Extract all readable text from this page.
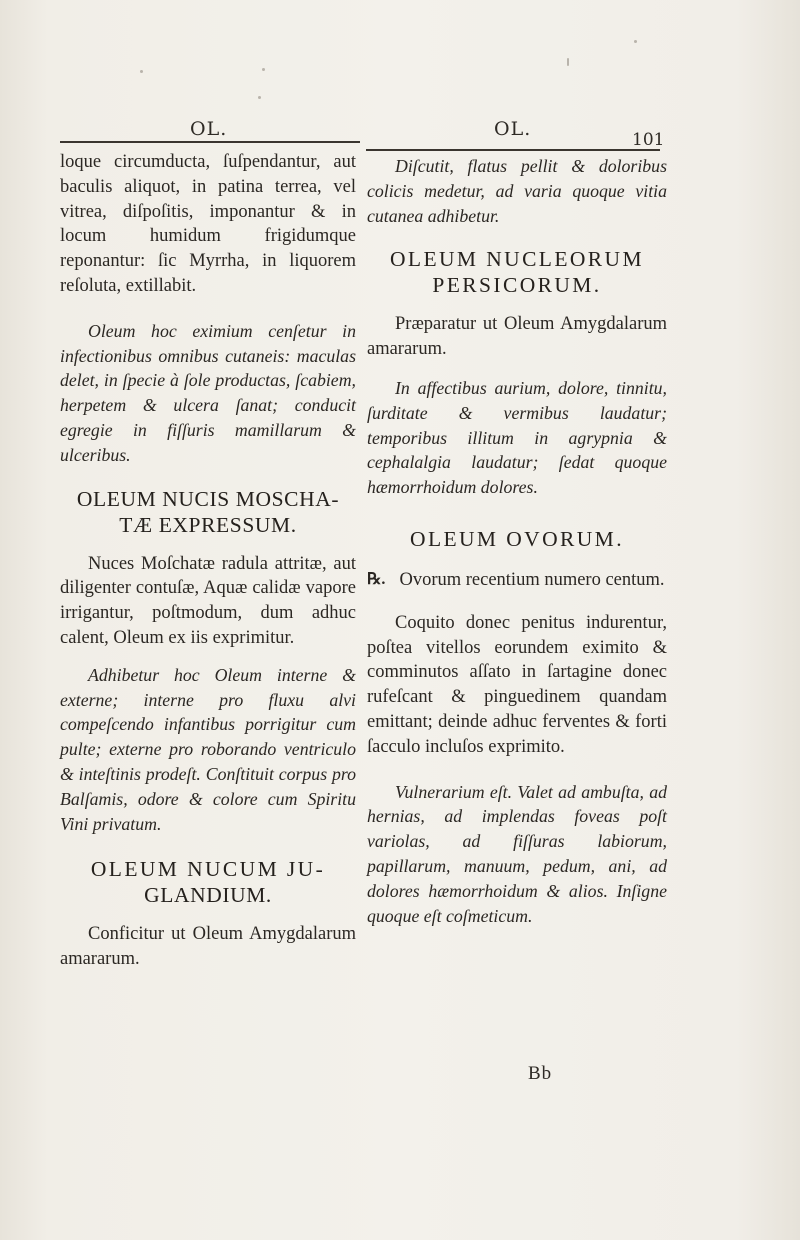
OL.	OL.	101

loque circumducta, ſuſpendantur, aut baculis aliquot, in patina terrea, vel vitrea, diſpoſitis, imponantur & in locum humidum frigidumque reponantur: ſic Myrrha, in liquorem reſoluta, extillabit.

Oleum hoc eximium cenſetur in infectionibus omnibus cutaneis: maculas delet, in ſpecie à ſole productas, ſcabiem, herpetem & ulcera ſanat; conducit egregie in fiſſuris mamillarum & ulceribus.

OLEUM NUCIS MOSCHA-

TÆ EXPRESSUM.

Nuces Moſchatæ radula attritæ, aut diligenter contuſæ, Aquæ calidæ vapore irrigantur, poſtmodum, dum adhuc calent, Oleum ex iis exprimitur.

Adhibetur hoc Oleum interne & externe; interne pro fluxu alvi compeſcendo infantibus porrigitur cum pulte; externe pro roborando ventriculo & inteſtinis prodeſt. Conſtituit corpus pro Balſamis, odore & colore cum Spiritu Vini privatum.

OLEUM NUCUM JU-

GLANDIUM.

Conficitur ut Oleum Amygdalarum amararum.

Diſcutit, flatus pellit & doloribus colicis medetur, ad varia quoque vitia cutanea adhibetur.

OLEUM NUCLEORUM

PERSICORUM.

Præparatur ut Oleum Amygdalarum amararum.

In affectibus aurium, dolore, tinnitu, ſurditate & vermibus laudatur; temporibus illitum in agrypnia & cephalalgia laudatur; ſedat quoque hæmorrhoidum dolores.

OLEUM OVORUM.

℞. Ovorum recentium numero centum.

Coquito donec penitus indurentur, poſtea vitellos eorundem eximito & comminutos aſſato in ſartagine donec rufeſcant & pinguedinem quandam emittant; deinde adhuc ferventes & forti ſacculo incluſos exprimito.

Vulnerarium eſt. Valet ad ambuſta, ad hernias, ad implendas foveas poſt variolas, ad fiſſuras labiorum, papillarum, manuum, pedum, ani, ad dolores hæmorrhoidum & alios. Inſigne quoque eſt coſmeticum.

Bb
